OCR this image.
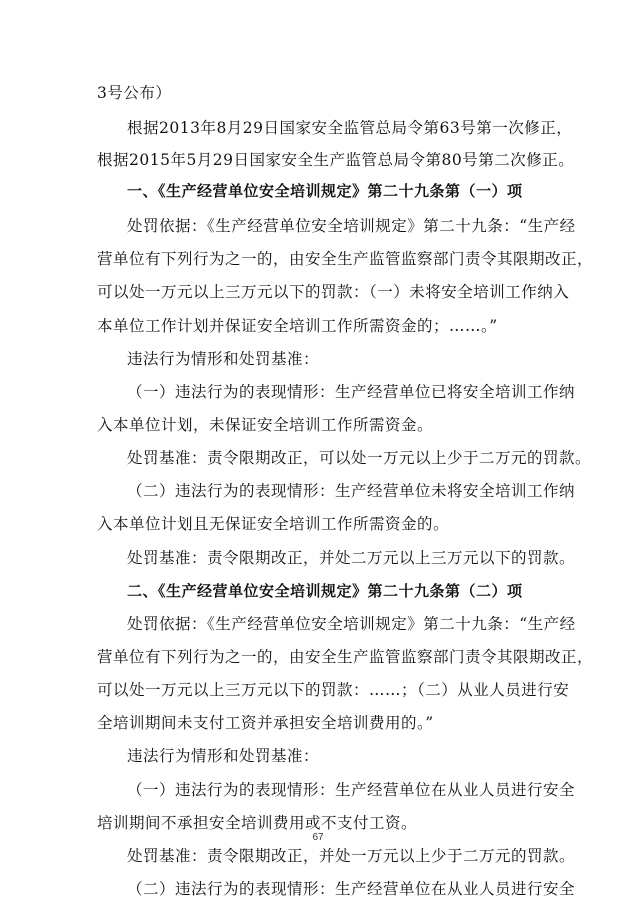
3号公布）
根据2013年8月29日国家安全监管总局令第63号第一次修正，
根据2015年5月29日国家安全生产监管总局令第80号第二次修正。
一、《生产经营单位安全培训规定》第二十九条第（一）项
处罚依据：《生产经营单位安全培训规定》第二十九条：“生产经
营单位有下列行为之一的，由安全生产监管监察部门责令其限期改正，
可以处一万元以上三万元以下的罚款：（一）未将安全培训工作纳入
本单位工作计划并保证安全培训工作所需资金的；……。”
违法行为情形和处罚基准：
（一）违法行为的表现情形：生产经营单位已将安全培训工作纳
入本单位计划，未保证安全培训工作所需资金。
处罚基准：责令限期改正，可以处一万元以上少于二万元的罚款。
（二）违法行为的表现情形：生产经营单位未将安全培训工作纳
入本单位计划且无保证安全培训工作所需资金的。
处罚基准：责令限期改正，并处二万元以上三万元以下的罚款。
二、《生产经营单位安全培训规定》第二十九条第（二）项
处罚依据：《生产经营单位安全培训规定》第二十九条：“生产经
营单位有下列行为之一的，由安全生产监管监察部门责令其限期改正，
可以处一万元以上三万元以下的罚款：……；（二）从业人员进行安
全培训期间未支付工资并承担安全培训费用的。”
违法行为情形和处罚基准：
（一）违法行为的表现情形：生产经营单位在从业人员进行安全
培训期间不承担安全培训费用或不支付工资。
处罚基准：责令限期改正，并处一万元以上少于二万元的罚款。
（二）违法行为的表现情形：生产经营单位在从业人员进行安全
67
